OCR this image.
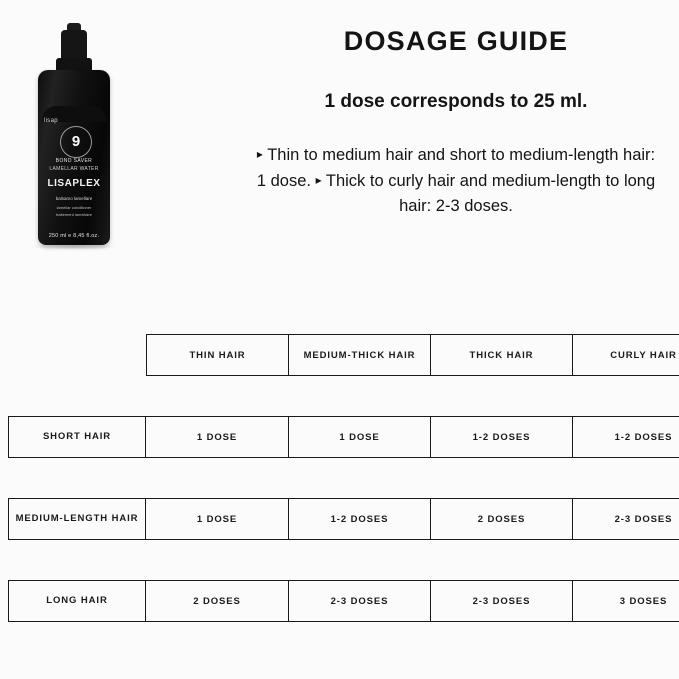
lisap
9
BOND SAVER
LAMELLAR WATER
LISAPLEX
balsamo lamellare
lamellar conditioner
traitement lamellaire
250 ml e 8,45 fl.oz.
DOSAGE GUIDE
1 dose corresponds to 25 ml.

▸ Thin to medium hair and short to medium-length hair: 1 dose. ▸ Thick to curly hair and medium-length to long hair: 2-3 doses.

	THIN HAIR	MEDIUM-THICK HAIR	THICK HAIR	CURLY HAIR

SHORT HAIR	1 DOSE	1 DOSE	1-2 DOSES	1-2 DOSES

MEDIUM-LENGTH HAIR	1 DOSE	1-2 DOSES	2 DOSES	2-3 DOSES

LONG HAIR	2 DOSES	2-3 DOSES	2-3 DOSES	3 DOSES
